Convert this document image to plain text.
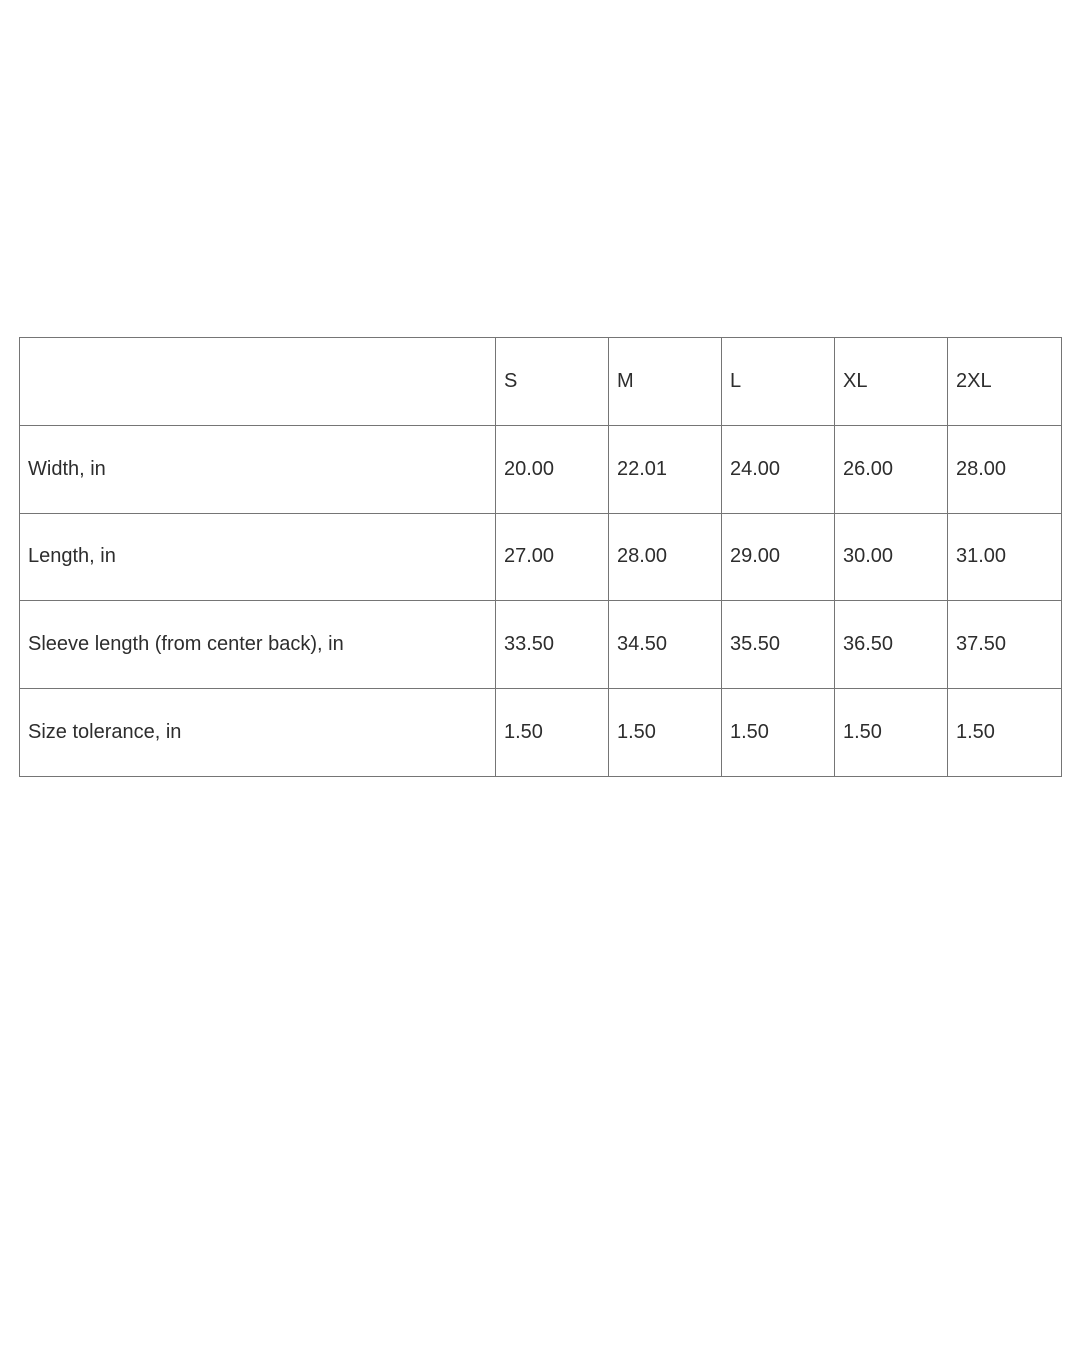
	S	M	L	XL	2XL
Width, in	20.00	22.01	24.00	26.00	28.00
Length, in	27.00	28.00	29.00	30.00	31.00
Sleeve length (from center back), in	33.50	34.50	35.50	36.50	37.50
Size tolerance, in	1.50	1.50	1.50	1.50	1.50
